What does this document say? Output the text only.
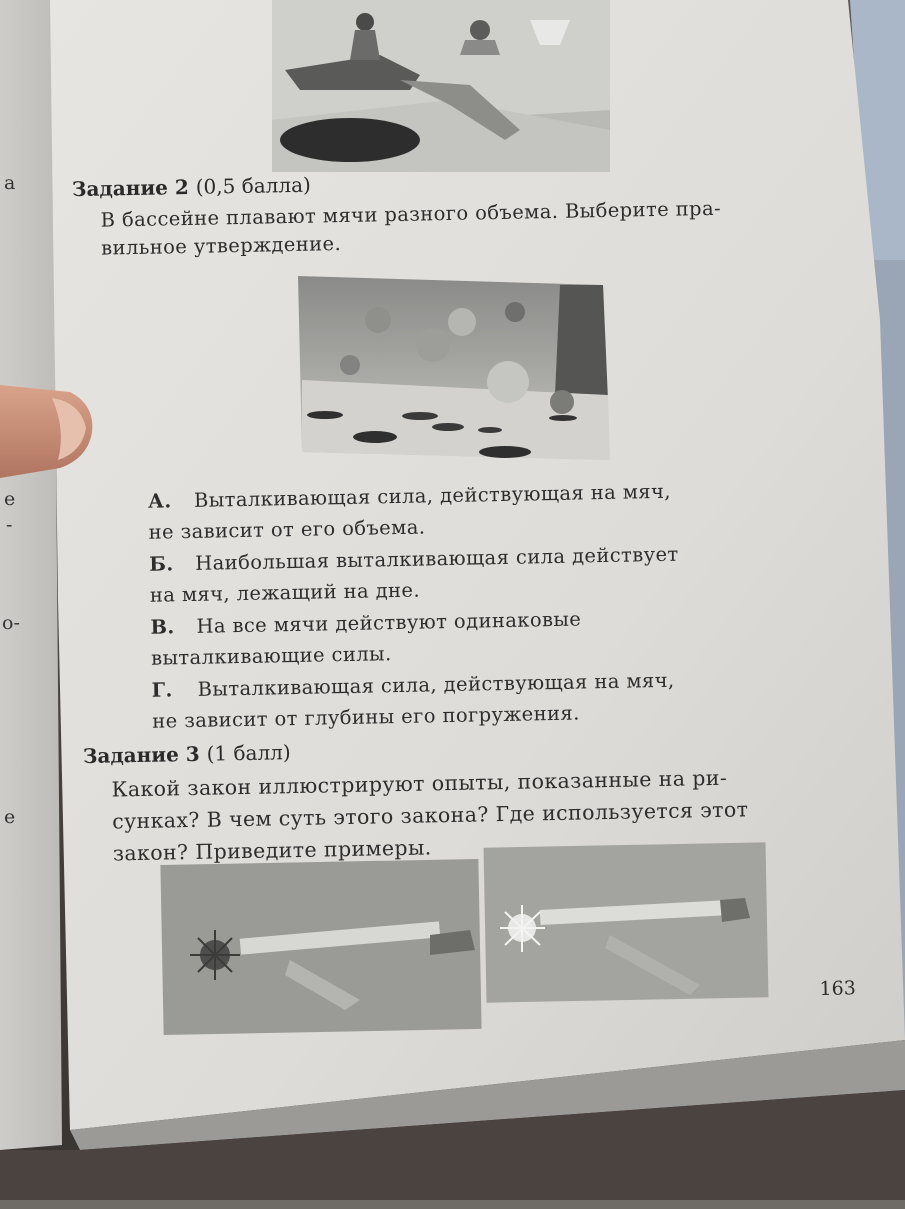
Задание 2 (0,5 балла)
В бассейне плавают мячи разного объема. Выберите пра-
вильное утверждение.
А. Выталкивающая сила, действующая на мяч,
не зависит от его объема.
Б. Наибольшая выталкивающая сила действует
на мяч, лежащий на дне.
В. На все мячи действуют одинаковые
выталкивающие силы.
Г. Выталкивающая сила, действующая на мяч,
не зависит от глубины его погружения.
Задание 3 (1 балл)
Какой закон иллюстрируют опыты, показанные на ри-
сунках? В чем суть этого закона? Где используется этот
закон? Приведите примеры.
163
а
е
-
о-
е
